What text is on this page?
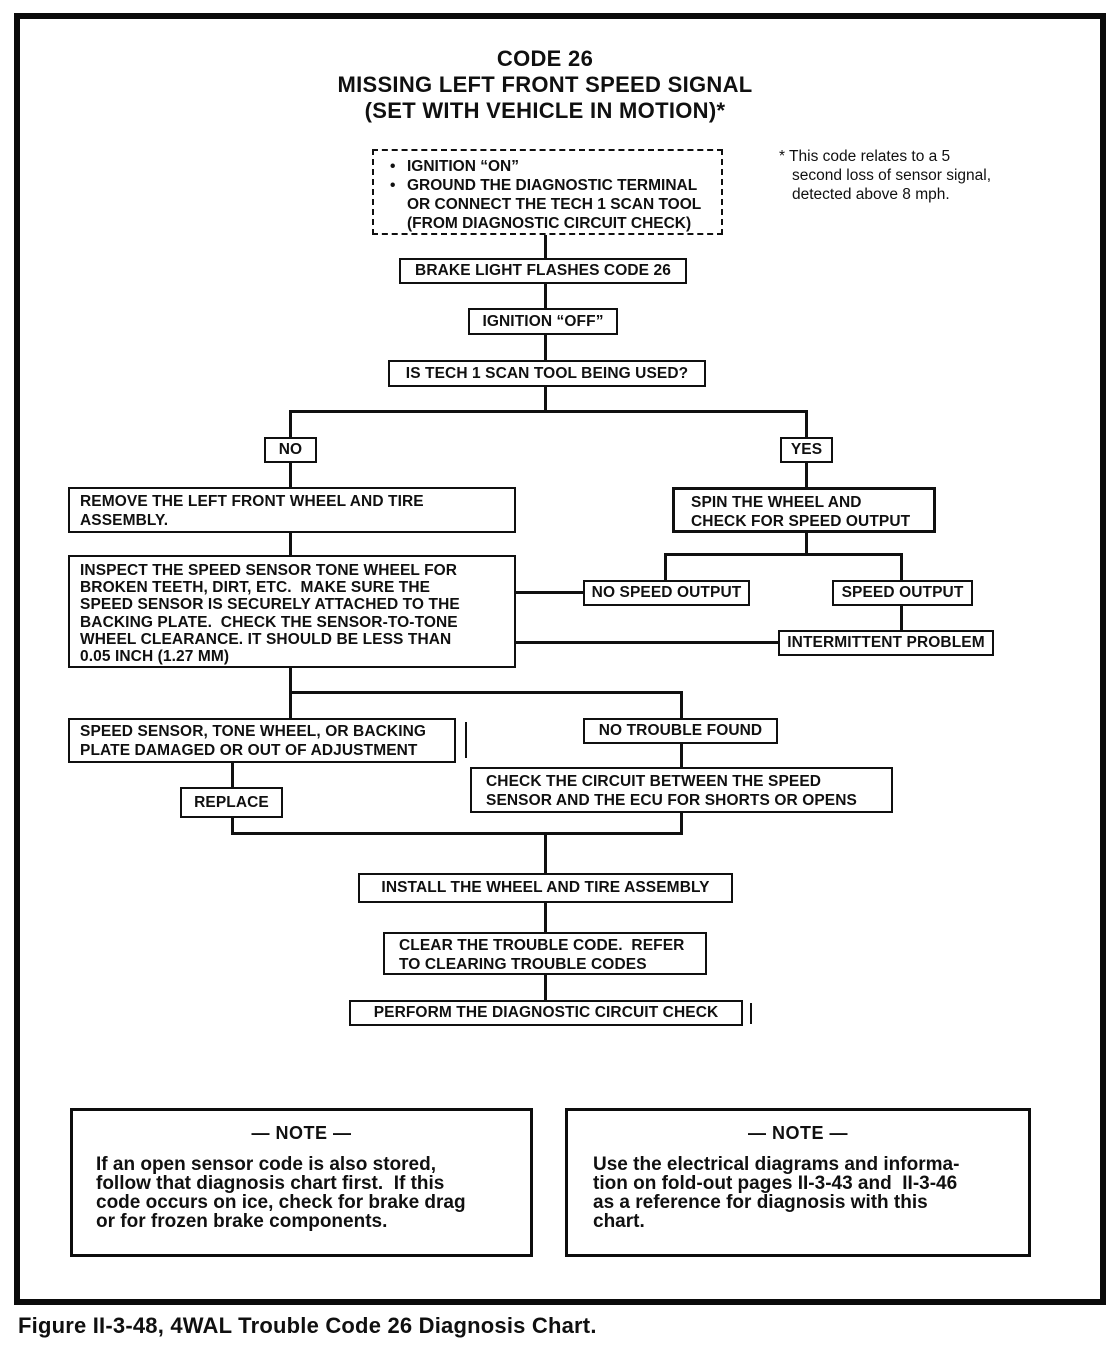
CODE 26
MISSING LEFT FRONT SPEED SIGNAL
(SET WITH VEHICLE IN MOTION)*
• IGNITION “ON”
• GROUND THE DIAGNOSTIC TERMINAL
OR CONNECT THE TECH 1 SCAN TOOL
(FROM DIAGNOSTIC CIRCUIT CHECK)
* This code relates to a 5
second loss of sensor signal,
detected above 8 mph.
BRAKE LIGHT FLASHES CODE 26
IGNITION “OFF”
IS TECH 1 SCAN TOOL BEING USED?
NO	YES
REMOVE THE LEFT FRONT WHEEL AND TIRE
ASSEMBLY.
SPIN THE WHEEL AND
CHECK FOR SPEED OUTPUT
INSPECT THE SPEED SENSOR TONE WHEEL FOR
BROKEN TEETH, DIRT, ETC.  MAKE SURE THE
SPEED SENSOR IS SECURELY ATTACHED TO THE
BACKING PLATE.  CHECK THE SENSOR-TO-TONE
WHEEL CLEARANCE. IT SHOULD BE LESS THAN
0.05 INCH (1.27 MM)
NO SPEED OUTPUT	SPEED OUTPUT
INTERMITTENT PROBLEM
SPEED SENSOR, TONE WHEEL, OR BACKING
PLATE DAMAGED OR OUT OF ADJUSTMENT
NO TROUBLE FOUND
REPLACE
CHECK THE CIRCUIT BETWEEN THE SPEED
SENSOR AND THE ECU FOR SHORTS OR OPENS
INSTALL THE WHEEL AND TIRE ASSEMBLY
CLEAR THE TROUBLE CODE.  REFER
TO CLEARING TROUBLE CODES
PERFORM THE DIAGNOSTIC CIRCUIT CHECK
— NOTE —
If an open sensor code is also stored,
follow that diagnosis chart first.  If this
code occurs on ice, check for brake drag
or for frozen brake components.
— NOTE —
Use the electrical diagrams and informa-
tion on fold-out pages II-3-43 and  II-3-46
as a reference for diagnosis with this
chart.
Figure II-3-48, 4WAL Trouble Code 26 Diagnosis Chart.
